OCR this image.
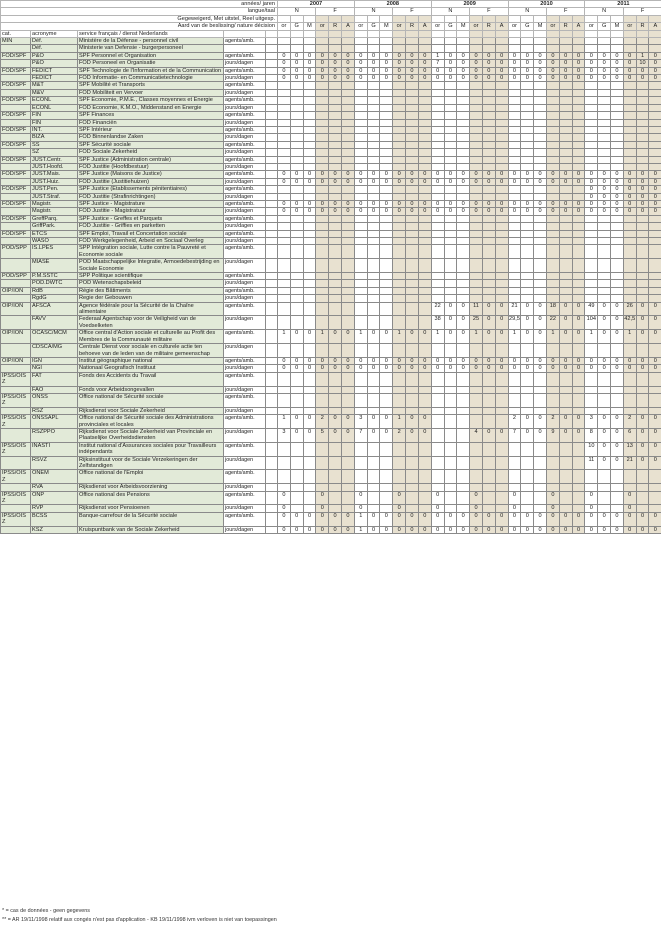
années/ jaren					2007						2008						2009						2010						2011					
langue/taal					N			F			N			F			N			F			N			F			N			F		
Gegeweigerd, Met uitstel, Reel uitgesp.																																		
Aard van de beslissing/ nature décision					or	G	M	or	R	A	or	G	M	or	R	A	or	G	M	or	R	A	or	G	M	or	R	A	or	G	M	or	R	A
cat.	acronyme	service français / dienst Nederlands																																
MIN	Déf.	Ministère de la Défense - personnel civil	agents/amb.																															
	Déf.	Ministerie van Defensie - burgerpersoneel																																
FOD/SPF	P&O	SPF Personnel et Organisation	agents/amb.		0	0	0	0	0	0	0	0	0	0	0	0	1	0	0	0	0	0	0	0	0	0	0	0	0	0	0	0	1	0
	P&O	FOD Personeel en Organisatie	jours/dagen		0	0	0	0	0	0	0	0	0	0	0	0	7	0	0	0	0	0	0	0	0	0	0	0	0	0	0	0	10	0
FOD/SPF	FEDICT	SPF Technologie de l'Information et de la Communication	agents/amb.		0	0	0	0	0	0	0	0	0	0	0	0	0	0	0	0	0	0	0	0	0	0	0	0	0	0	0	0	0	0
	FEDICT	FOD Informatie- en Communicatietechnologie	jours/dagen		0	0	0	0	0	0	0	0	0	0	0	0	0	0	0	0	0	0	0	0	0	0	0	0	0	0	0	0	0	0
FOD/SPF	M&T	SPF Mobilité et Transports	agents/amb.																															
	M&V	FOD Mobiliteit en Vervoer	jours/dagen																															
FOD/SPF	ECONL	SPF Economie, P.M.E., Classes moyennes et Energie	agents/amb.																															
	ECONL	FOD Economie, K.M.O., Middenstand en Energie	jours/dagen																															
FOD/SPF	FIN	SPF Finances	agents/amb.																															
	FIN	FOD Financiën	jours/dagen																															
FOD/SPF	INT.	SPF Intérieur	agents/amb.																															
	BIZA	FOD Binnenlandse Zaken	jours/dagen																															
FOD/SPF	SS	SPF Sécurité sociale	agents/amb.																															
	SZ	FOD Sociale Zekerheid	jours/dagen																															
FOD/SPF	JUST.Centr.	SPF Justice (Administration centrale)	agents/amb.																															
	JUST.Hoofd.	FOD Justitie (Hoofdbestuur)	jours/dagen																															
FOD/SPF	JUST.Mais.	SPF Justice (Maisons de Justice)	agents/amb.		0	0	0	0	0	0	0	0	0	0	0	0	0	0	0	0	0	0	0	0	0	0	0	0	0	0	0	0	0	0
	JUST.Huiz.	FOD Justitie (Justitiehuizen)	jours/dagen		0	0	0	0	0	0	0	0	0	0	0	0	0	0	0	0	0	0	0	0	0	0	0	0	0	0	0	0	0	0
FOD/SPF	JUST.Pen.	SPF Justice (Etablissements pénitentiaires)	agents/amb.																										0	0	0	0	0	0
	JUST.Straf.	FOD Justitie (Strafinrichtingen)	jours/dagen																										0	0	0	0	0	0
FOD/SPF	Magistr.	SPF Justice - Magistrature	agents/amb.		0	0	0	0	0	0	0	0	0	0	0	0	0	0	0	0	0	0	0	0	0	0	0	0	0	0	0	0	0	0
	Magistr.	FOD Justitie - Magistratuur	jours/dagen		0	0	0	0	0	0	0	0	0	0	0	0	0	0	0	0	0	0	0	0	0	0	0	0	0	0	0	0	0	0
FOD/SPF	GreffParq.	SPF Justice - Greffes et Parquets	agents/amb.																															
	GriffPark.	FOD Justitie - Griffies en parketten	jours/dagen																															
FOD/SPF	ETCS	SPF Emploi, Travail et Concertation sociale	agents/amb.																															
	WASO	FOD Werkgelegenheid, Arbeid en Sociaal Overleg	jours/dagen																															
POD/SPP	IS.LPES	SPP Intégration sociale, Lutte contre la Pauvreté et Economie sociale	agents/amb.																															
	MIASE	POD Maatschappelijke Integratie, Armoedebestrijding en Sociale Economie	jours/dagen																															
POD/SPP	P.M.SSTC	SPP Politique scientifique	agents/amb.																															
	POD.DWTC	POD Wetenschapsbeleid	jours/dagen																															
OIP/ION	RdB	Régie des Bâtiments	agents/amb.																															
	RgdG	Regie der Gebouwen	jours/dagen																															
OIP/ION	AFSCA	Agence fédérale pour la Sécurité de la Chaîne alimentaire	agents/amb.														22	0	0	11	0	0	21	0	0	18	0	0	49	0	0	26	0	0
	FAVV	Federaal Agentschap voor de Veiligheid van de Voedselketen	jours/dagen														38	0	0	25	0	0	29,5	0	0	22	0	0	104	0	0	42,5	0	0
OIP/ION	OCASC/MCM	Office central d'Action sociale et culturelle au Profit des Membres de la Communauté militaire	agents/amb.		1	0	0	1	0	0	1	0	0	1	0	0	1	0	0	1	0	0	1	0	0	1	0	0	1	0	0	1	0	0
	CDSCA/MG	Centrale Dienst voor sociale en culturele actie ten behoeve van de leden van de militaire gemeenschap	jours/dagen																															
OIP/ION	IGN	Institut géographique national	agents/amb.		0	0	0	0	0	0	0	0	0	0	0	0	0	0	0	0	0	0	0	0	0	0	0	0	0	0	0	0	0	0
	NGI	Nationaal Geografisch Instituut	jours/dagen		0	0	0	0	0	0	0	0	0	0	0	0	0	0	0	0	0	0	0	0	0	0	0	0	0	0	0	0	0	0
IPSS/OISZ	FAT	Fonds des Accidents du Travail	agents/amb.																															
	FAO	Fonds voor Arbeidsongevallen	jours/dagen																															
IPSS/OISZ	ONSS	Office national de Sécurité sociale	agents/amb.																															
	RSZ	Rijksdienst voor Sociale Zekerheid	jours/dagen																															
IPSS/OISZ	ONSSAPL	Office national de Sécurité sociale des Administrations provinciales et locales	agents/amb.		1	0	0	2	0	0	3	0	0	1	0	0							2	0	0	2	0	0	3	0	0	2	0	0
	RSZPPO	Rijksdienst voor Sociale Zekerheid van Provinciale en Plaatselijke Overheidsdiensten	jours/dagen		3	0	0	5	0	0	7	0	0	2	0	0				4	0	0	7	0	0	9	0	0	8	0	0	6	0	0
IPSS/OISZ	INASTI	Institut national d'Assurances sociales pour Travailleurs indépendants	agents/amb.																										10	0	0	13	0	0
	RSVZ	Rijksinstituut voor de Sociale Verzekeringen der Zelfstandigen	jours/dagen																										11	0	0	21	0	0
IPSS/OISZ	ONEM	Office national de l'Emploi	agents/amb.																															
	RVA	Rijksdienst voor Arbeidsvoorziening	jours/dagen																															
IPSS/OISZ	ONP	Office national des Pensions	agents/amb.		0			0			0			0			0			0			0			0			0			0		
	RVP	Rijksdienst voor Pensioenen	jours/dagen		0			0			0			0			0			0			0			0			0			0		
IPSS/OISZ	BCSS	Banque-carrefour de la Sécurité sociale	agents/amb.		0	0	0	0	0	0	1	0	0	0	0	0	0	0	0	0	0	0	0	0	0	0	0	0	0	0	0	0	0	0
	KSZ	Kruispuntbank van de Sociale Zekerheid	jours/dagen		0	0	0	0	0	0	1	0	0	0	0	0	0	0	0	0	0	0	0	0	0	0	0	0	0	0	0	0	0	0
* = cas de données - geen gegevens
** = AR 19/11/1998 relatif aux congés n'est pas d'application - KB 19/11/1998 ivm verloven is niet van toepassingen
